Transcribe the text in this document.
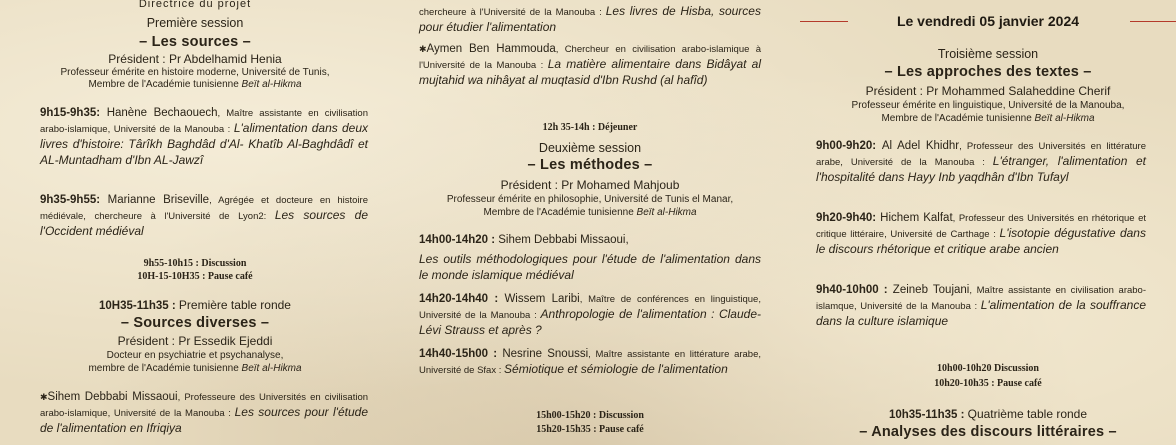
Directrice du projet
Première session
– Les sources –
Président : Pr Abdelhamid Henia
Professeur émérite en histoire moderne, Université de Tunis,
Membre de l'Académie tunisienne Beït al-Hikma
9h15-9h35: Hanène Bechaouech, Maître assistante en civilisation arabo-islamique, Université de la Manouba : L'alimentation dans deux livres d'histoire: Târîkh Baghdâd d'Al- Khatîb Al-Baghdâdî et AL-Muntadham d'Ibn AL-Jawzî
9h35-9h55: Marianne Briseville, Agrégée et docteure en histoire médiévale, chercheure à l'Université de Lyon2: Les sources de l'Occident médiéval
9h55-10h15 : Discussion
10H-15-10H35 : Pause café
10H35-11h35 : Première table ronde
– Sources diverses –
Président : Pr Essedik Ejeddi
Docteur en psychiatrie et psychanalyse,
membre de l'Académie tunisienne Beït al-Hikma
✱Sihem Debbabi Missaoui, Professeure des Universités en civilisation arabo-islamique, Université de la Manouba : Les sources pour l'étude de l'alimentation en Ifriqiya
chercheure à l'Université de la Manouba : Les livres de Hisba, sources pour étudier l'alimentation
✱Aymen Ben Hammouda, Chercheur en civilisation arabo-islamique à l'Université de la Manouba : La matière alimentaire dans Bidâyat al mujtahid wa nihâyat al muqtasid d'Ibn Rushd (al hafîd)
12h 35-14h : Déjeuner
Deuxième session
– Les méthodes –
Président : Pr Mohamed Mahjoub
Professeur émérite en philosophie, Université de Tunis el Manar,
Membre de l'Académie tunisienne Beït al-Hikma
14h00-14h20 : Sihem Debbabi Missaoui,
Les outils méthodologiques pour l'étude de l'alimentation dans le monde islamique médiéval
14h20-14h40 : Wissem Laribi, Maître de conférences en linguistique, Université de la Manouba : Anthropologie de l'alimentation : Claude-Lévi Strauss et après ?
14h40-15h00 : Nesrine Snoussi, Maître assistante en littérature arabe, Université de Sfax : Sémiotique et sémiologie de l'alimentation
15h00-15h20 : Discussion
15h20-15h35 : Pause café
Le vendredi 05 janvier 2024
Troisième session
– Les approches des textes –
Président : Pr Mohammed Salaheddine Cherif
Professeur émérite en linguistique, Université de la Manouba,
Membre de l'Académie tunisienne Beït al-Hikma
9h00-9h20: Al Adel Khidhr, Professeur des Universités en littérature arabe, Université de la Manouba : L'étranger, l'alimentation et l'hospitalité dans Hayy Inb yaqdhân d'Ibn Tufayl
9h20-9h40: Hichem Kalfat, Professeur des Universités en rhétorique et critique littéraire, Université de Carthage : L'isotopie dégustative dans le discours rhétorique et critique arabe ancien
9h40-10h00 : Zeineb Toujani, Maître assistante en civilisation arabo-islamque, Université de la Manouba : L'alimentation de la souffrance dans la culture islamique
10h00-10h20 Discussion
10h20-10h35 : Pause café
10h35-11h35 : Quatrième table ronde
– Analyses des discours littéraires –
